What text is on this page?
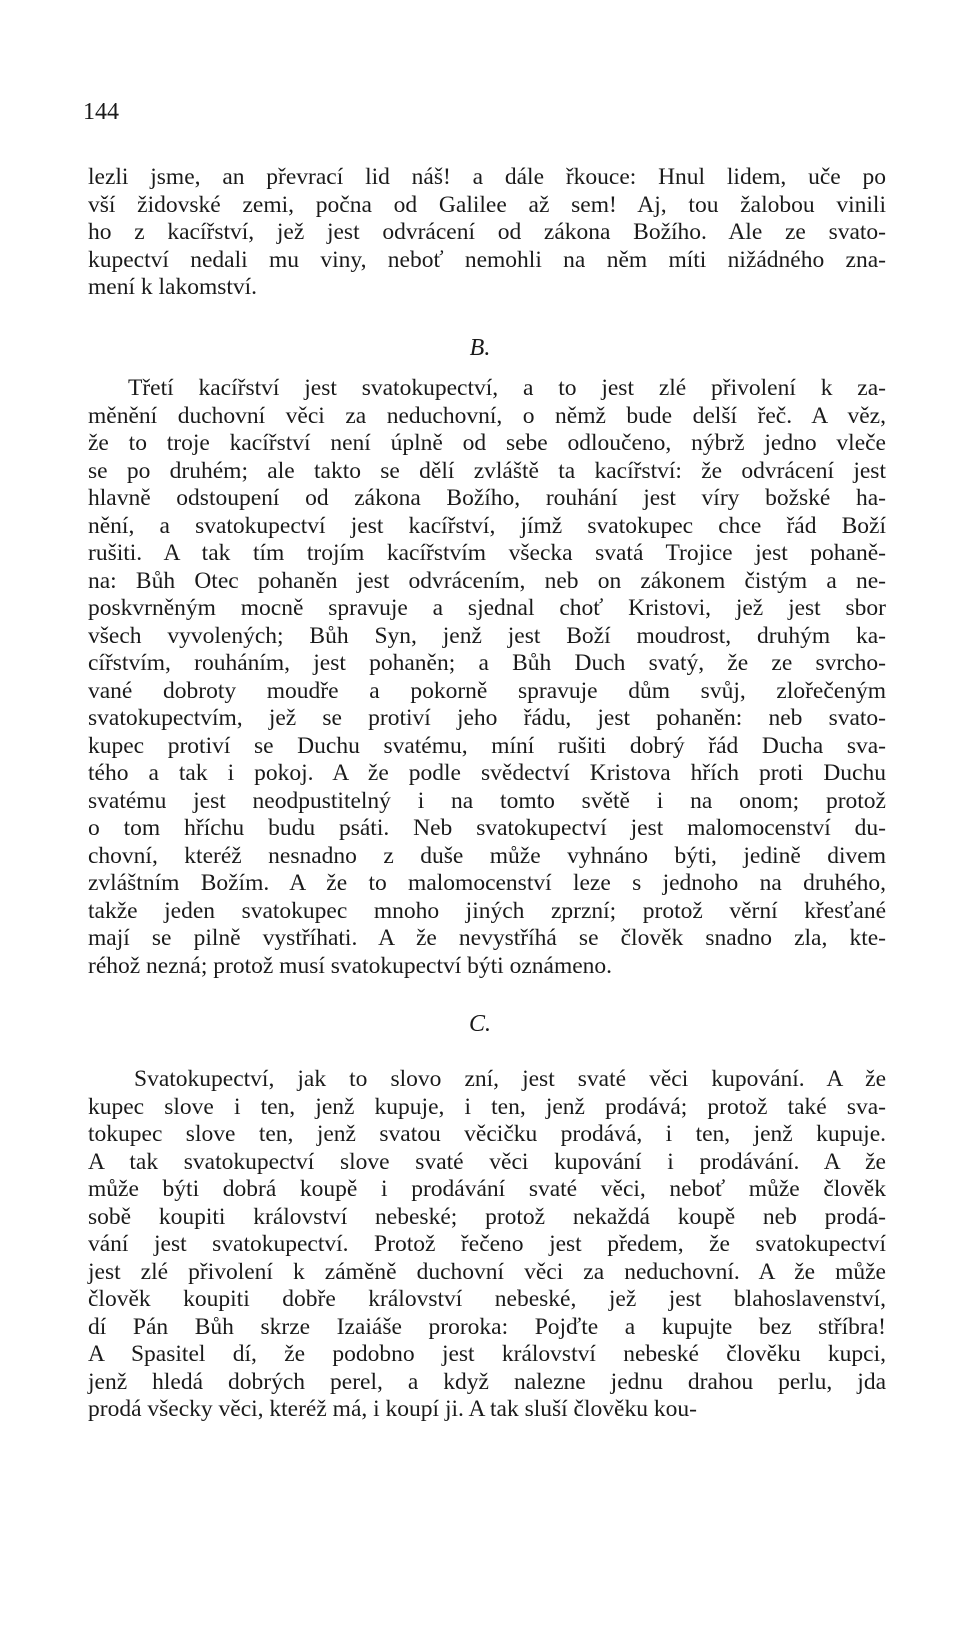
144
lezli jsme, an převrací lid náš! a dále řkouce: Hnul lidem, uče po
vší židovské zemi, počna od Galilee až sem! Aj, tou žalobou vinili
ho z kacířství, jež jest odvrácení od zákona Božího. Ale ze svato-
kupectví nedali mu viny, neboť nemohli na něm míti nižádného zna-
mení k lakomství.
B.
Třetí kacířství jest svatokupectví, a to jest zlé přivolení k za-
měnění duchovní věci za neduchovní, o němž bude delší řeč. A věz,
že to troje kacířství není úplně od sebe odloučeno, nýbrž jedno vleče
se po druhém; ale takto se dělí zvláště ta kacířství: že odvrácení jest
hlavně odstoupení od zákona Božího, rouhání jest víry božské ha-
nění, a svatokupectví jest kacířství, jímž svatokupec chce řád Boží
rušiti. A tak tím trojím kacířstvím všecka svatá Trojice jest pohaně-
na: Bůh Otec pohaněn jest odvrácením, neb on zákonem čistým a ne-
poskvrněným mocně spravuje a sjednal choť Kristovi, jež jest sbor
všech vyvolených; Bůh Syn, jenž jest Boží moudrost, druhým ka-
cířstvím, rouháním, jest pohaněn; a Bůh Duch svatý, že ze svrcho-
vané dobroty moudře a pokorně spravuje dům svůj, zlořečeným
svatokupectvím, jež se protiví jeho řádu, jest pohaněn: neb svato-
kupec protiví se Duchu svatému, míní rušiti dobrý řád Ducha sva-
tého a tak i pokoj. A že podle svědectví Kristova hřích proti Duchu
svatému jest neodpustitelný i na tomto světě i na onom; protož
o tom hříchu budu psáti. Neb svatokupectví jest malomocenství du-
chovní, kteréž nesnadno z duše může vyhnáno býti, jedině divem
zvláštním Božím. A že to malomocenství leze s jednoho na druhého,
takže jeden svatokupec mnoho jiných zprzní; protož věrní křesťané
mají se pilně vystříhati. A že nevystříhá se člověk snadno zla, kte-
réhož nezná; protož musí svatokupectví býti oznámeno.
C.
Svatokupectví, jak to slovo zní, jest svaté věci kupování. A že
kupec slove i ten, jenž kupuje, i ten, jenž prodává; protož také sva-
tokupec slove ten, jenž svatou věcičku prodává, i ten, jenž kupuje.
A tak svatokupectví slove svaté věci kupování i prodávání. A že
může býti dobrá koupě i prodávání svaté věci, neboť může člověk
sobě koupiti království nebeské; protož nekaždá koupě neb prodá-
vání jest svatokupectví. Protož řečeno jest předem, že svatokupectví
jest zlé přivolení k záměně duchovní věci za neduchovní. A že může
člověk koupiti dobře království nebeské, jež jest blahoslavenství,
dí Pán Bůh skrze Izaiáše proroka: Pojďte a kupujte bez stříbra!
A Spasitel dí, že podobno jest království nebeské člověku kupci,
jenž hledá dobrých perel, a když nalezne jednu drahou perlu, jda
prodá všecky věci, kteréž má, i koupí ji. A tak sluší člověku kou-
